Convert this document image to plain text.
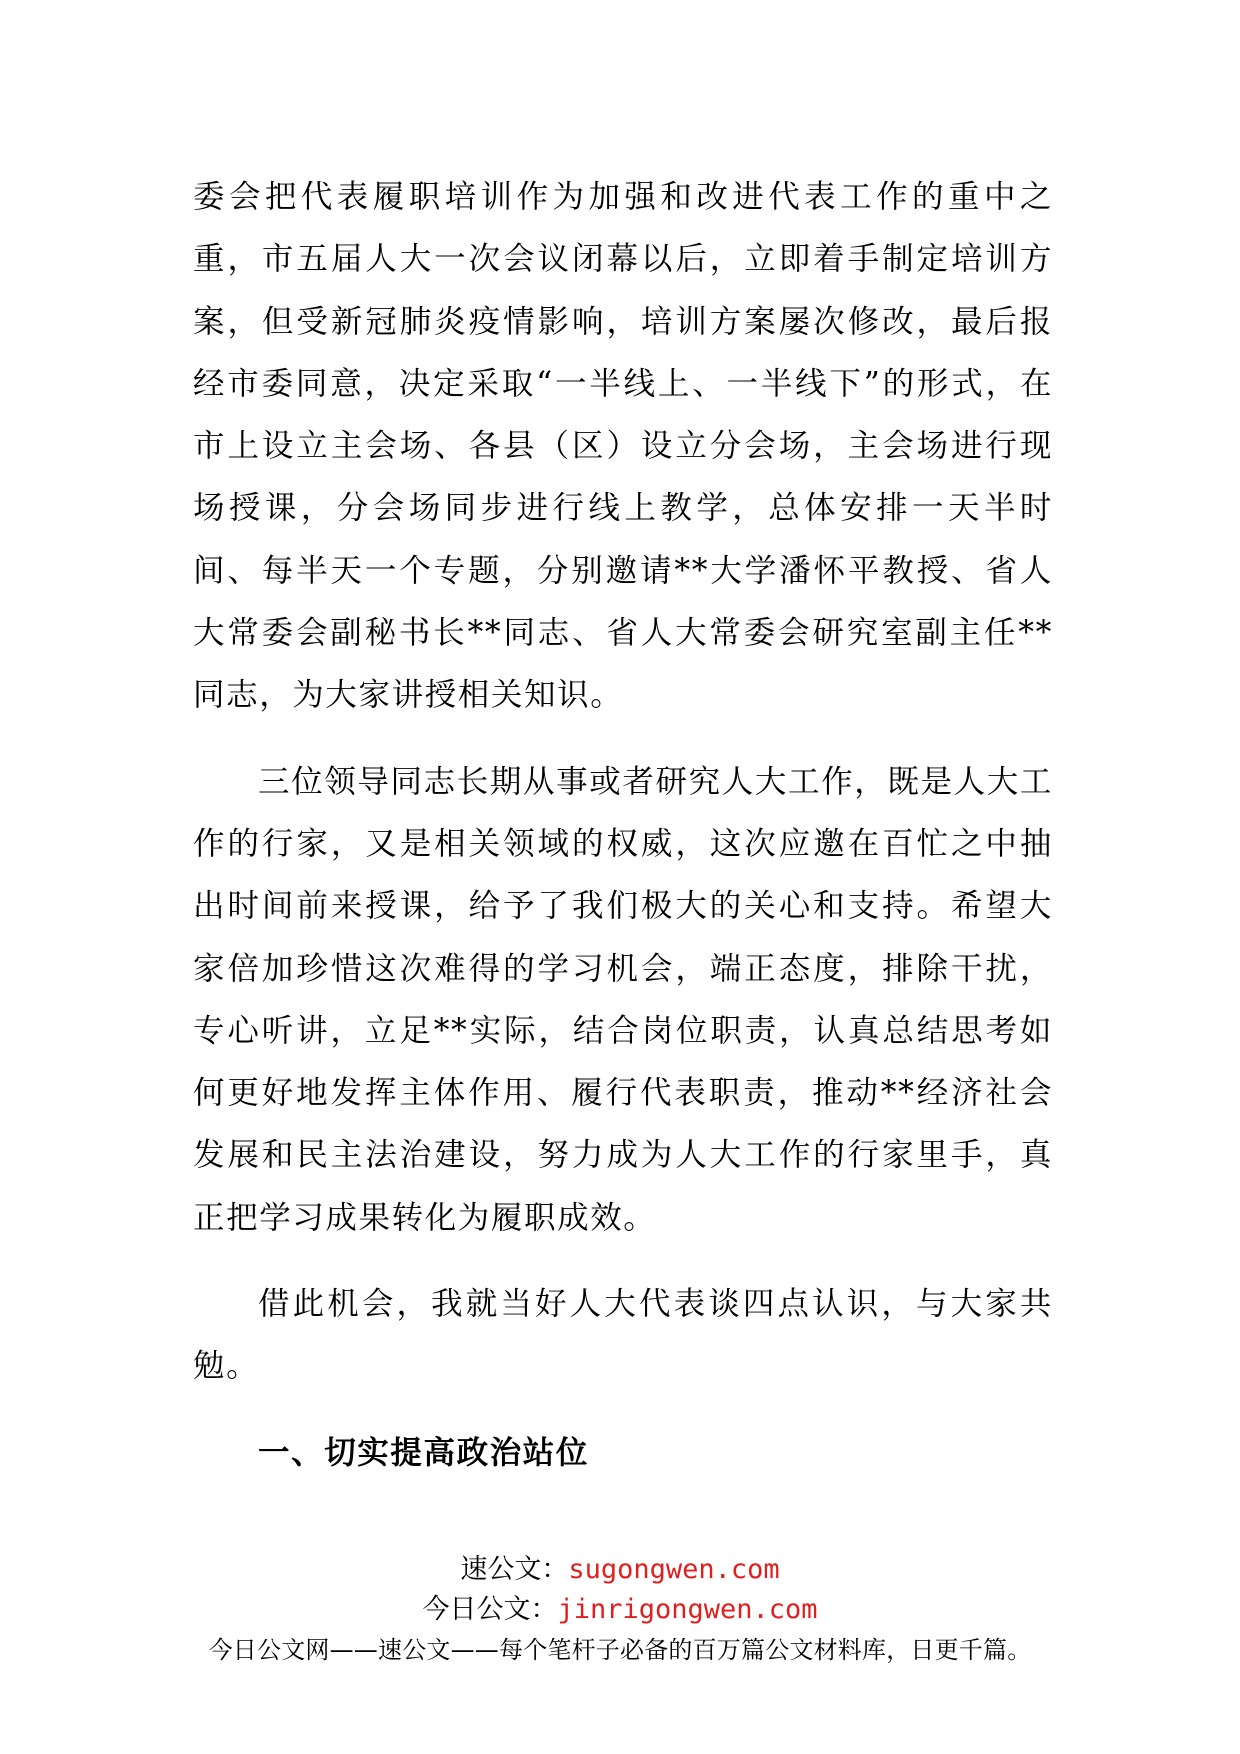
委会把代表履职培训作为加强和改进代表工作的重中之重，市五届人大一次会议闭幕以后，立即着手制定培训方案，但受新冠肺炎疫情影响，培训方案屡次修改，最后报经市委同意，决定采取“一半线上、一半线下”的形式，在市上设立主会场、各县（区）设立分会场，主会场进行现场授课，分会场同步进行线上教学，总体安排一天半时间、每半天一个专题，分别邀请**大学潘怀平教授、省人大常委会副秘书长**同志、省人大常委会研究室副主任**同志，为大家讲授相关知识。

三位领导同志长期从事或者研究人大工作，既是人大工作的行家，又是相关领域的权威，这次应邀在百忙之中抽出时间前来授课，给予了我们极大的关心和支持。希望大家倍加珍惜这次难得的学习机会，端正态度，排除干扰，专心听讲，立足**实际，结合岗位职责，认真总结思考如何更好地发挥主体作用、履行代表职责，推动**经济社会发展和民主法治建设，努力成为人大工作的行家里手，真正把学习成果转化为履职成效。

借此机会，我就当好人大代表谈四点认识，与大家共勉。

一、切实提高政治站位

速公文：sugongwen.com
今日公文：jinrigongwen.com
今日公文网——速公文——每个笔杆子必备的百万篇公文材料库，日更千篇。
